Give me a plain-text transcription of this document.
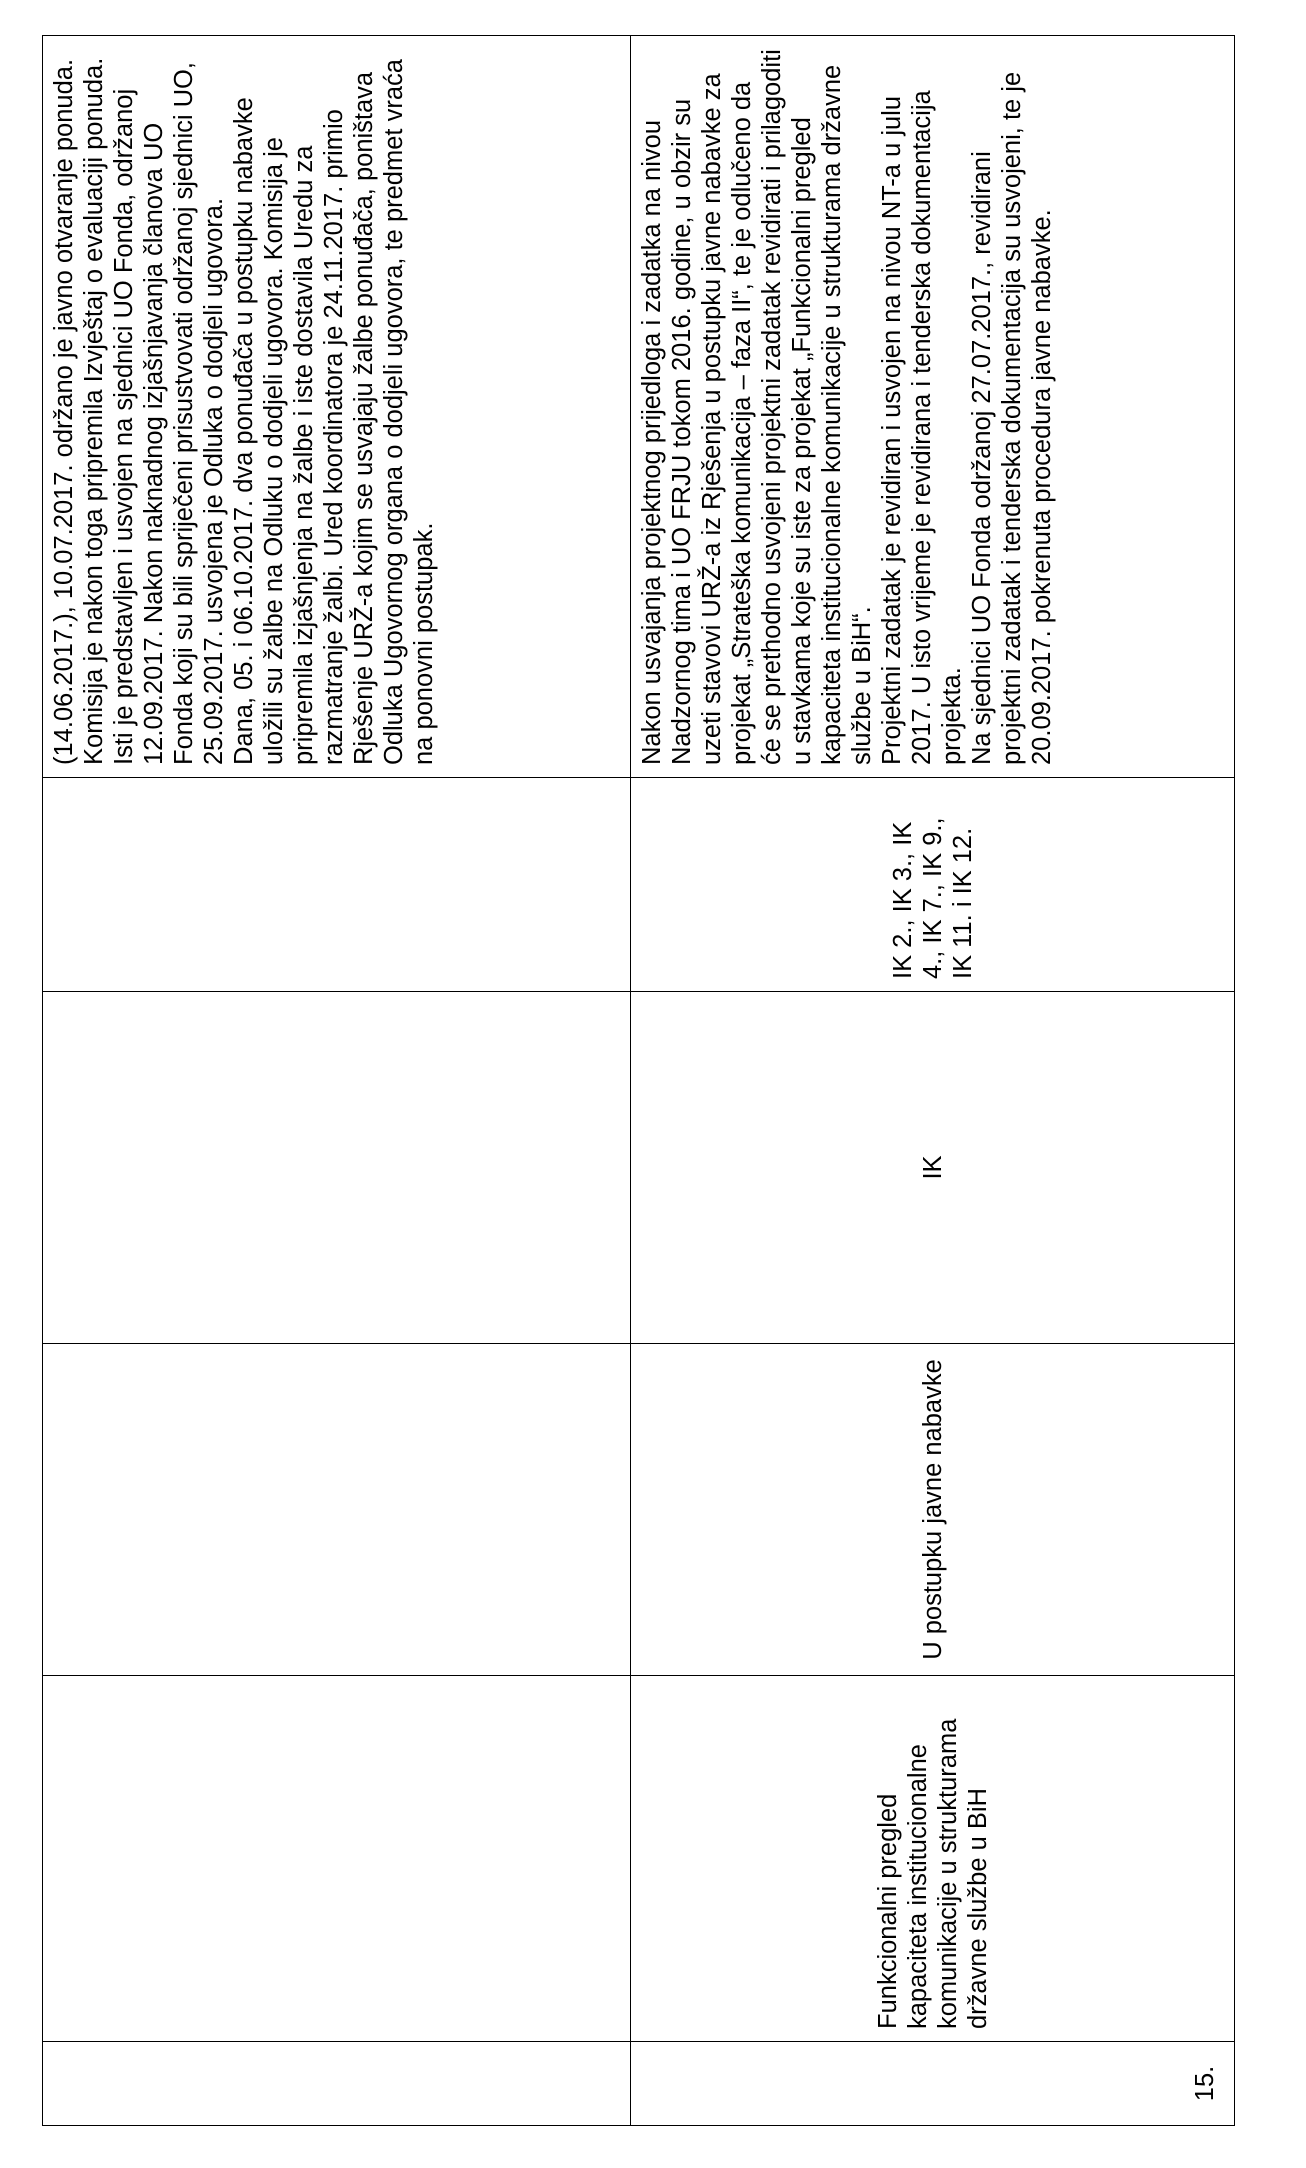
					(14.06.2017.), 10.07.2017. održano je javno otvaranje ponuda. Komisija je nakon toga pripremila Izvještaj o evaluaciji ponuda. Isti je predstavljen i usvojen na sjednici UO Fonda, održanoj 12.09.2017. Nakon naknadnog izjašnjavanja članova UO Fonda koji su bili spriječeni prisustvovati održanoj sjednici UO, 25.09.2017. usvojena je Odluka o dodjeli ugovora. Dana, 05. i 06.10.2017. dva ponuđača u postupku nabavke uložili su žalbe na Odluku o dodjeli ugovora. Komisija je pripremila izjašnjenja na žalbe i iste dostavila Uredu za razmatranje žalbi. Ured koordinatora je 24.11.2017. primio Rješenje URŽ-a kojim se usvajaju žalbe ponuđača, poništava Odluka Ugovornog organa o dodjeli ugovora, te predmet vraća na ponovni postupak.

15.	Funkcionalni pregled kapaciteta institucionalne komunikacije u strukturama državne službe u BiH	U postupku javne nabavke	IK	IK 2., IK 3., IK 4., IK 7., IK 9., IK 11. i IK 12.	Nakon usvajanja projektnog prijedloga i zadatka na nivou Nadzornog tima i UO FRJU tokom 2016. godine, u obzir su uzeti stavovi URŽ-a iz Rješenja u postupku javne nabavke za projekat „Strateška komunikacija – faza II“, te je odlučeno da će se prethodno usvojeni projektni zadatak revidirati i prilagoditi u stavkama koje su iste za projekat „Funkcionalni pregled kapaciteta institucionalne komunikacije u strukturama državne službe u BiH“. Projektni zadatak je revidiran i usvojen na nivou NT-a u julu 2017. U isto vrijeme je revidirana i tenderska dokumentacija projekta. Na sjednici UO Fonda održanoj 27.07.2017., revidirani projektni zadatak i tenderska dokumentacija su usvojeni, te je 20.09.2017. pokrenuta procedura javne nabavke.
